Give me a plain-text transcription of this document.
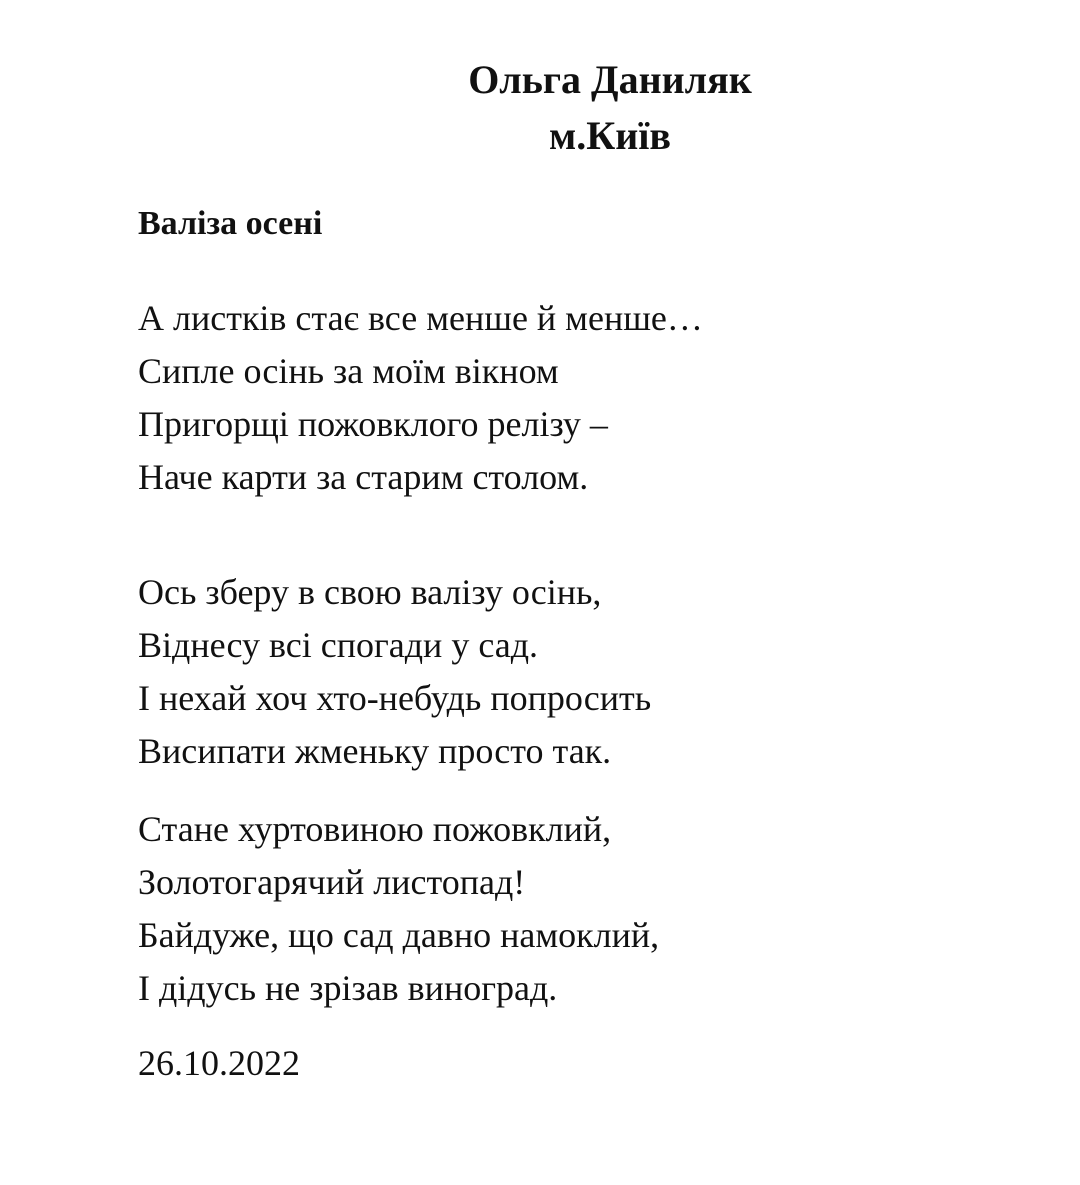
Ольга Даниляк
м.Київ
Валіза осені
А листків стає все менше й менше…
Сипле осінь за моїм вікном
Пригорщі пожовклого релізу –
Наче карти за старим столом.
Ось зберу в свою валізу осінь,
Віднесу всі спогади у сад.
І нехай хоч хто-небудь попросить
Висипати жменьку просто так.
Стане хуртовиною пожовклий,
Золотогарячий листопад!
Байдуже, що сад давно намоклий,
І дідусь не зрізав виноград.
26.10.2022
